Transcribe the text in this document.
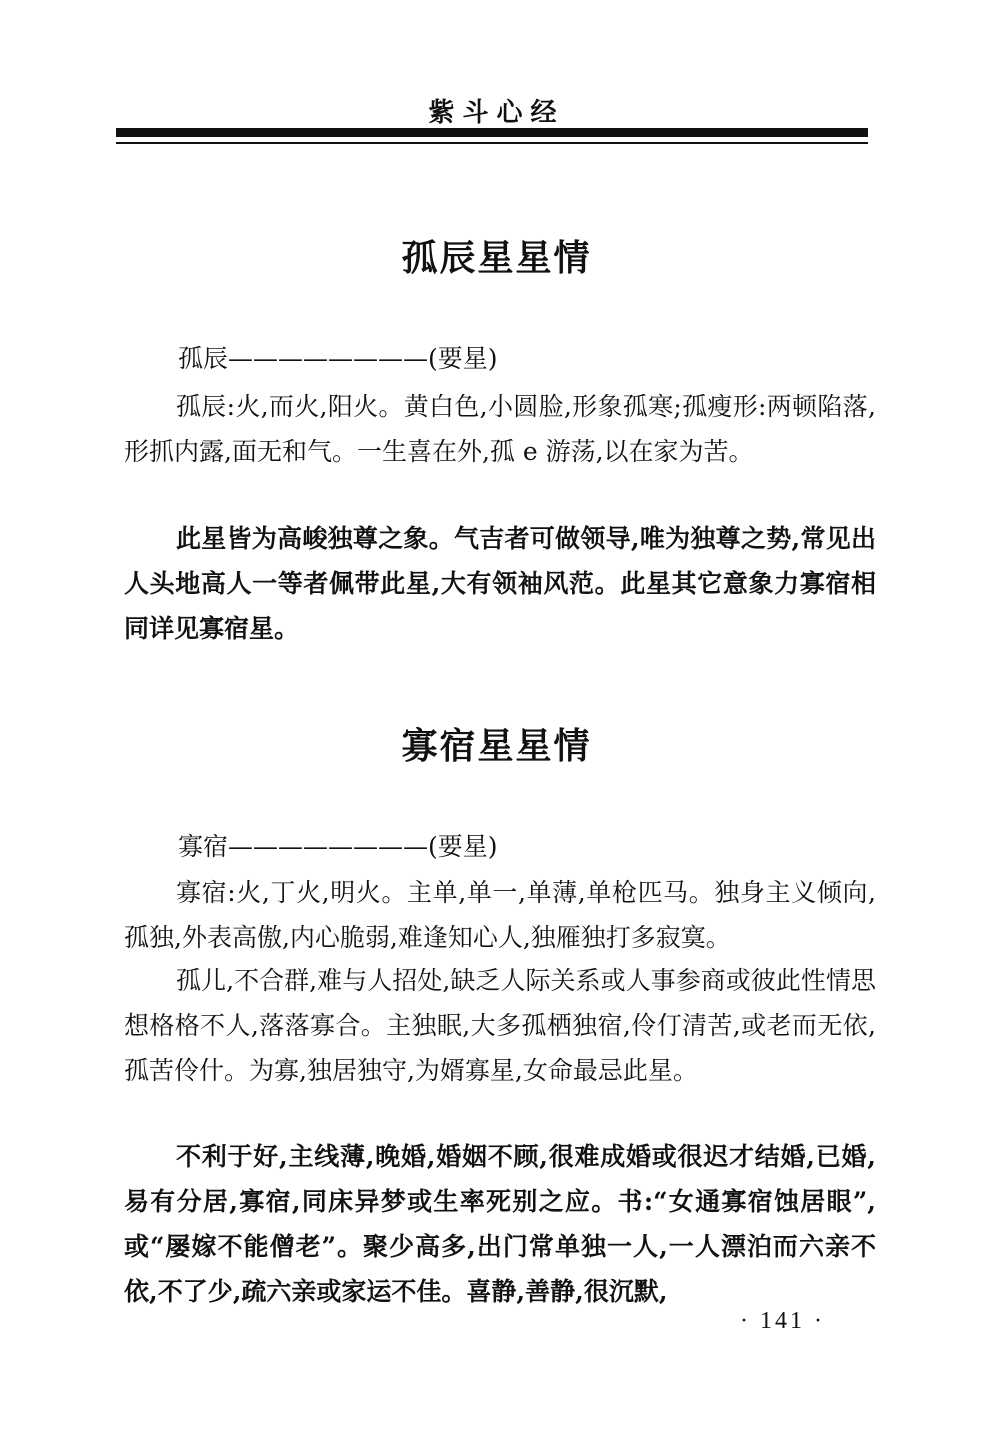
紫斗心经
孤辰星星情
孤辰————————(要星)

孤辰:火,而火,阳火。黄白色,小圆脸,形象孤寒;孤瘦形:两顿陷落,形抓内露,面无和气。一生喜在外,孤 e 游荡,以在家为苦。

此星皆为高峻独尊之象。气吉者可做领导,唯为独尊之势,常见出人头地高人一等者佩带此星,大有领袖风范。此星其它意象力寡宿相同详见寡宿星。

寡宿星星情
寡宿————————(要星)

寡宿:火,丁火,明火。主单,单一,单薄,单枪匹马。独身主义倾向,孤独,外表高傲,内心脆弱,难逢知心人,独雁独打多寂寞。

孤儿,不合群,难与人招处,缺乏人际关系或人事参商或彼此性情思想格格不人,落落寡合。主独眠,大多孤栖独宿,伶仃清苦,或老而无依,孤苦伶什。为寡,独居独守,为婿寡星,女命最忌此星。

不利于好,主线薄,晚婚,婚姻不顾,很难成婚或很迟才结婚,已婚,易有分居,寡宿,同床异梦或生率死别之应。书:“女通寡宿蚀居眼”,或“屡嫁不能僧老”。聚少高多,出门常单独一人,一人漂泊而六亲不依,不了少,疏六亲或家运不佳。喜静,善静,很沉默,

· 141 ·
